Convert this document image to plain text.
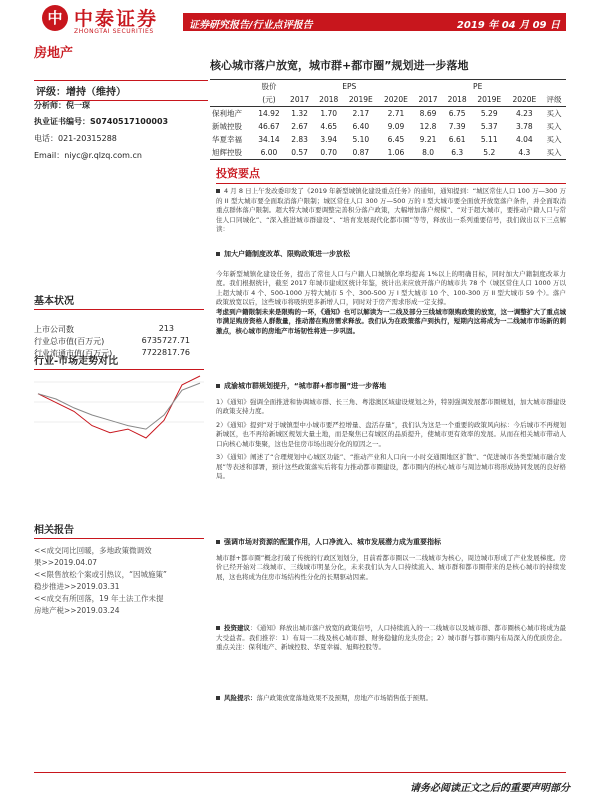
中 中泰证券
ZHONGTAI SECURITIES
证券研究报告/行业点评报告	2019 年 04 月 09 日
房地产
核心城市落户放宽，城市群+都市圈”规划进一步落地
评级：增持（维持）
分析师：倪一琛
执业证书编号：S0740517100003
电话：021-20315288
Email：niyc@r.qlzq.com.cn
基本状况
上市公司数	213
行业总市值(百万元)	6735727.71
行业流通市值(百万元)	7722817.76
行业-市场走势对比
相关报告
<<成交同比回暖，多地政策微调效
果>>2019.04.07
<<限售放松个案或引热议，“因城施策”
稳步推进>>2019.03.31
<<成交有所回落，19 年土法工作未提
房地产税>>2019.03.24
	股价	EPS				PE				
	(元)	2017	2018	2019E	2020E	2017	2018	2019E	2020E	评级
保利地产	14.92	1.32	1.70	2.17	2.71	8.69	6.75	5.29	4.23	买入
新城控股	46.67	2.67	4.65	6.40	9.09	12.8	7.39	5.37	3.78	买入
华夏幸福	34.14	2.83	3.94	5.10	6.45	9.21	6.61	5.11	4.04	买入
旭辉控股	6.00	0.57	0.70	0.87	1.06	8.0	6.3	5.2	4.3	买入
投资要点
4 月 8 日上午发改委印发了《2019 年新型城镇化建设重点任务》的通知，通知提到：“城区常住人口 100 万—300 万的 II 型大城市要全面取消落户限制；城区常住人口 300 万—500 万的 I 型大城市要全面放开放宽落户条件，并全面取消重点群体落户限制。超大特大城市要调整完善积分落户政策，大幅增加落户规模”、“对于超大城市，要推动户籍人口与常住人口同城化”、“深入推进城市群建设”、“培育发展现代化都市圈”等等，释放出一系列重要信号，我们做出以下三点解读：
加大户籍制度改革、限购政策进一步放松
今年新型城镇化建设任务，提出了常住人口与户籍人口城镇化率均提高 1%以上的明确目标，同时加大户籍制度改革力度。我们根据统计，截至 2017 年城市建成区统计年鉴，统计出来应放开落户的城市共 78 个（城区常住人口 1000 万以上超大城市 4 个、500-1000 万特大城市 5 个、300-500 万 I 型大城市 10 个、100-300 万 II 型大城市 59 个）。落户政策放宽以后，这些城市将吸纳更多新增人口，同时对于房产需求形成一定支撑。
考虑到户籍限制未来是限购的一环，《通知》也可以解读为一二线及部分三线城市限购政策的放宽，这一调整扩大了重点城市满足购房资格人群数量，推动潜在购房需求释放。我们认为在政策落户到执行，短期内这将成为一二线城市市场新的刺激点，核心城市的房地产市场韧性将进一步巩固。
成渝城市群规划提升，“城市群+都市圈”进一步落地
1）《通知》强调全面推进和协调城市群、长三角、粤港澳区域建设规划之外，特别强调发展都市圈规划，加大城市群建设的政策支持力度。
2）《通知》提到“对于城镇型中小城市要严控增量、盘活存量”，我们认为这是一个重要的政策风向标：今后城市不再规划新城区，也不再给新城区规划大量土地，而是聚焦已有城区的品质提升，使城市更有效率的发展。从而在相关城市带动人口向核心城市集聚，这也是住房市场出现分化的原因之一。
3）《通知》阐述了“合理规划中心城区功能”、“推动产业和人口向一小时交通圈地区扩散”、“促进城市各类型城市融合发展”等表述和部署，预计这些政策落实后将有力推动都市圈建设，都市圈内的核心城市与周边城市将形成协同发展的良好格局。
强调市场对资源的配置作用，人口净流入、城市发展潜力成为重要指标
城市群+都市圈”概念打破了传统的行政区划划分，目前看都市圈以一二线城市为核心，周边城市形成了产业发展梯度。房价已经开始对二线城市、三线城市明显分化，未来我们认为人口持续流入、城市群和都市圈带来的是核心城市的持续发展，这也将成为住房市场结构性分化的长期驱动因素。
投资建议：《通知》释放出城市落户放宽的政策信号，人口持续流入的一二线城市以及城市群、都市圈核心城市将成为最大受益者。我们推荐：1）布局一二线及核心城市群、财务稳健的龙头房企；2）城市群与都市圈内布局深入的优质房企。重点关注：保利地产、新城控股、华夏幸福、旭辉控股等。
风险提示：落户政策放宽落地效果不及预期，房地产市场销售低于预期。
请务必阅读正文之后的重要声明部分
